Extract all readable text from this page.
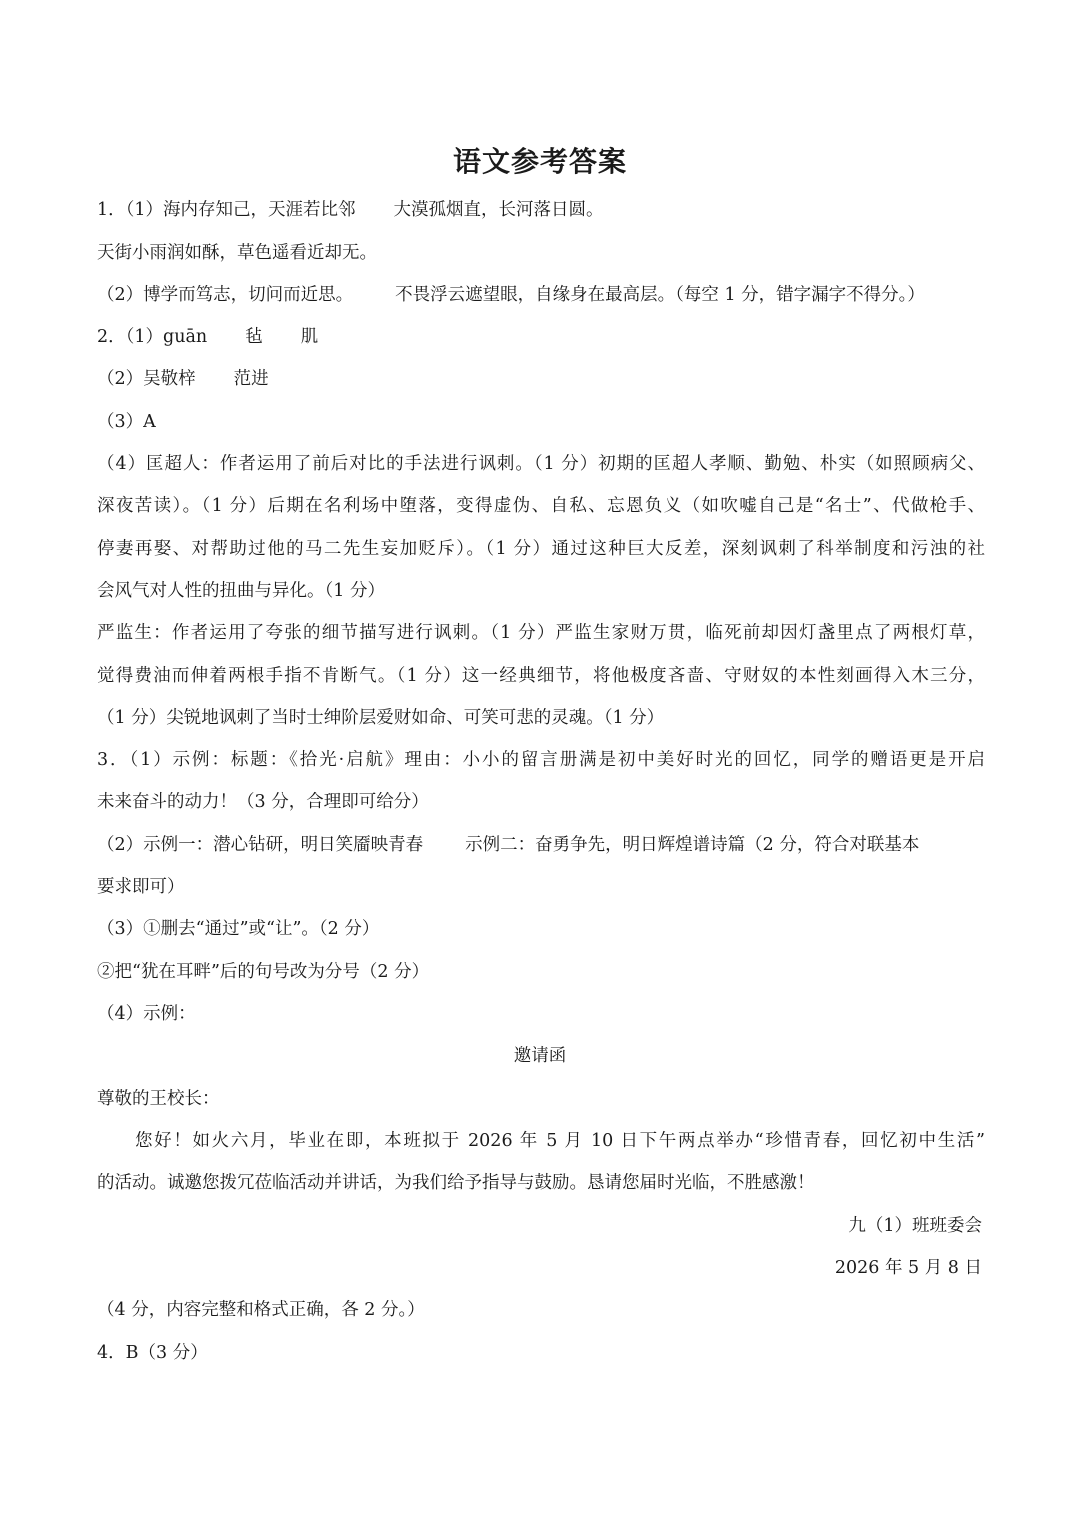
语文参考答案
1．（1）海内存知己，天涯若比邻 大漠孤烟直，长河落日圆。
天街小雨润如酥，草色遥看近却无。
（2）博学而笃志，切问而近思。 不畏浮云遮望眼，自缘身在最高层。（每空 1 分，错字漏字不得分。）
2．（1）guān 毡 肌
（2）吴敬梓 范进
（3）A
（4）匡超人：作者运用了前后对比的手法进行讽刺。（1 分）初期的匡超人孝顺、勤勉、朴实（如照顾病父、
深夜苦读）。（1 分）后期在名利场中堕落，变得虚伪、自私、忘恩负义（如吹嘘自己是“名士”、代做枪手、
停妻再娶、对帮助过他的马二先生妄加贬斥）。（1 分）通过这种巨大反差，深刻讽刺了科举制度和污浊的社
会风气对人性的扭曲与异化。（1 分）
严监生：作者运用了夸张的细节描写进行讽刺。（1 分）严监生家财万贯，临死前却因灯盏里点了两根灯草，
觉得费油而伸着两根手指不肯断气。（1 分）这一经典细节，将他极度吝啬、守财奴的本性刻画得入木三分，
（1 分）尖锐地讽刺了当时士绅阶层爱财如命、可笑可悲的灵魂。（1 分）
3．（1）示例：标题：《拾光·启航》理由：小小的留言册满是初中美好时光的回忆，同学的赠语更是开启
未来奋斗的动力！（3 分，合理即可给分）
（2）示例一：潜心钻研，明日笑靥映青春 示例二：奋勇争先，明日辉煌谱诗篇（2 分，符合对联基本
要求即可）
（3）①删去“通过”或“让”。（2 分）
②把“犹在耳畔”后的句号改为分号（2 分）
（4）示例：
邀请函
尊敬的王校长：
您好！如火六月，毕业在即，本班拟于 2026 年 5 月 10 日下午两点举办“珍惜青春，回忆初中生活”
的活动。诚邀您拨冗莅临活动并讲话，为我们给予指导与鼓励。恳请您届时光临，不胜感激！
九（1）班班委会
2026 年 5 月 8 日
（4 分，内容完整和格式正确，各 2 分。）
4．B（3 分）
